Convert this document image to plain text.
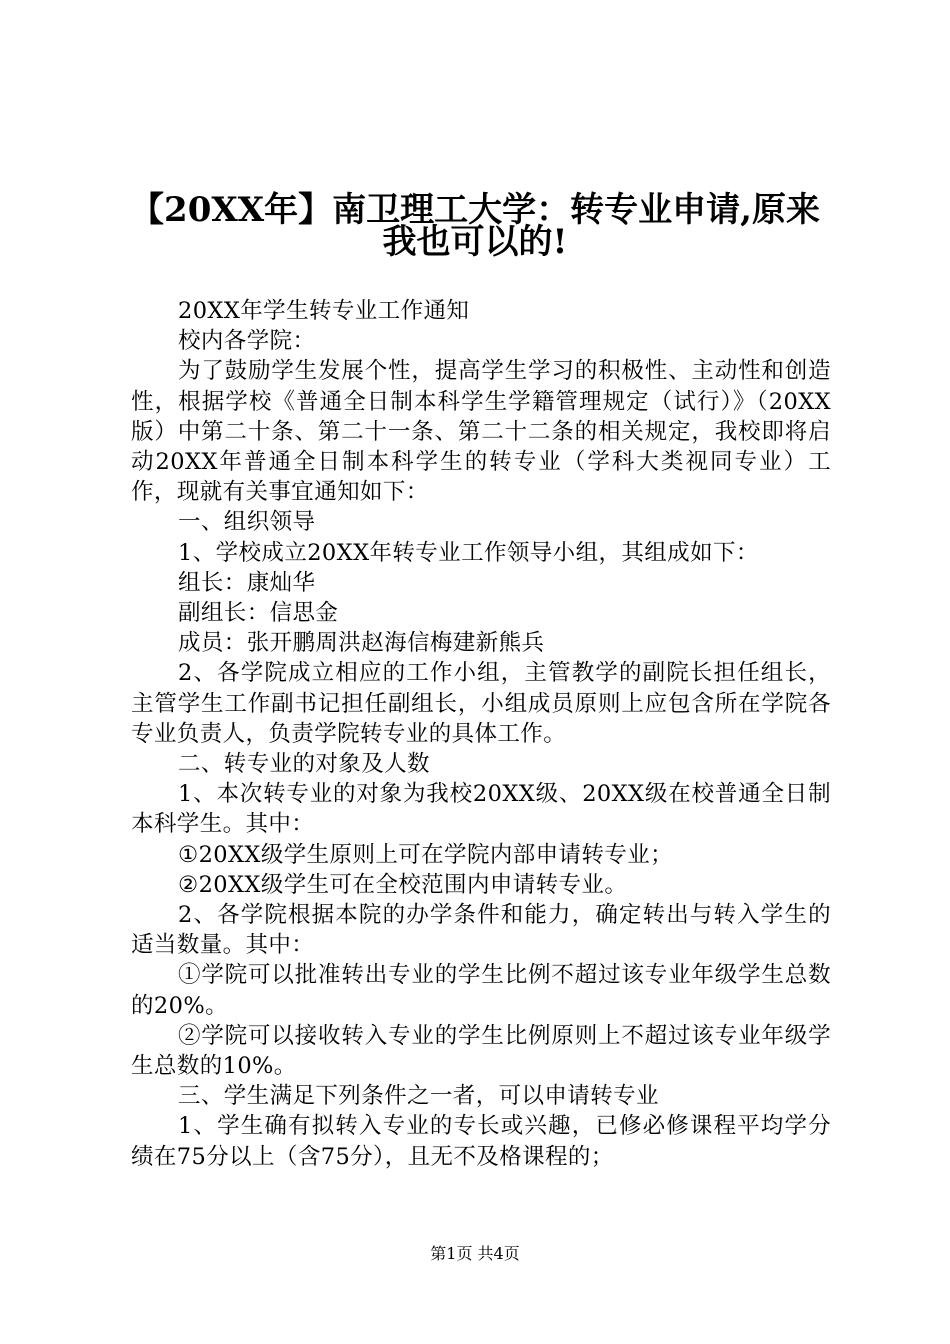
【20XX年】南卫理工大学：转专业申请,原来
我也可以的!

20XX年学生转专业工作通知

校内各学院：

为了鼓励学生发展个性，提高学生学习的积极性、主动性和创造性，根据学校《普通全日制本科学生学籍管理规定（试行）》（20XX版）中第二十条、第二十一条、第二十二条的相关规定，我校即将启动20XX年普通全日制本科学生的转专业（学科大类视同专业）工作，现就有关事宜通知如下：

一、组织领导

1、学校成立20XX年转专业工作领导小组，其组成如下：

组长：康灿华

副组长：信思金

成员：张开鹏周洪赵海信梅建新熊兵

2、各学院成立相应的工作小组，主管教学的副院长担任组长，主管学生工作副书记担任副组长，小组成员原则上应包含所在学院各专业负责人，负责学院转专业的具体工作。

二、转专业的对象及人数

1、本次转专业的对象为我校20XX级、20XX级在校普通全日制本科学生。其中：

①20XX级学生原则上可在学院内部申请转专业；

②20XX级学生可在全校范围内申请转专业。

2、各学院根据本院的办学条件和能力，确定转出与转入学生的适当数量。其中：

①学院可以批准转出专业的学生比例不超过该专业年级学生总数的20%。

②学院可以接收转入专业的学生比例原则上不超过该专业年级学生总数的10%。

三、学生满足下列条件之一者，可以申请转专业

1、学生确有拟转入专业的专长或兴趣，已修必修课程平均学分绩在75分以上（含75分），且无不及格课程的；

第1页 共4页
